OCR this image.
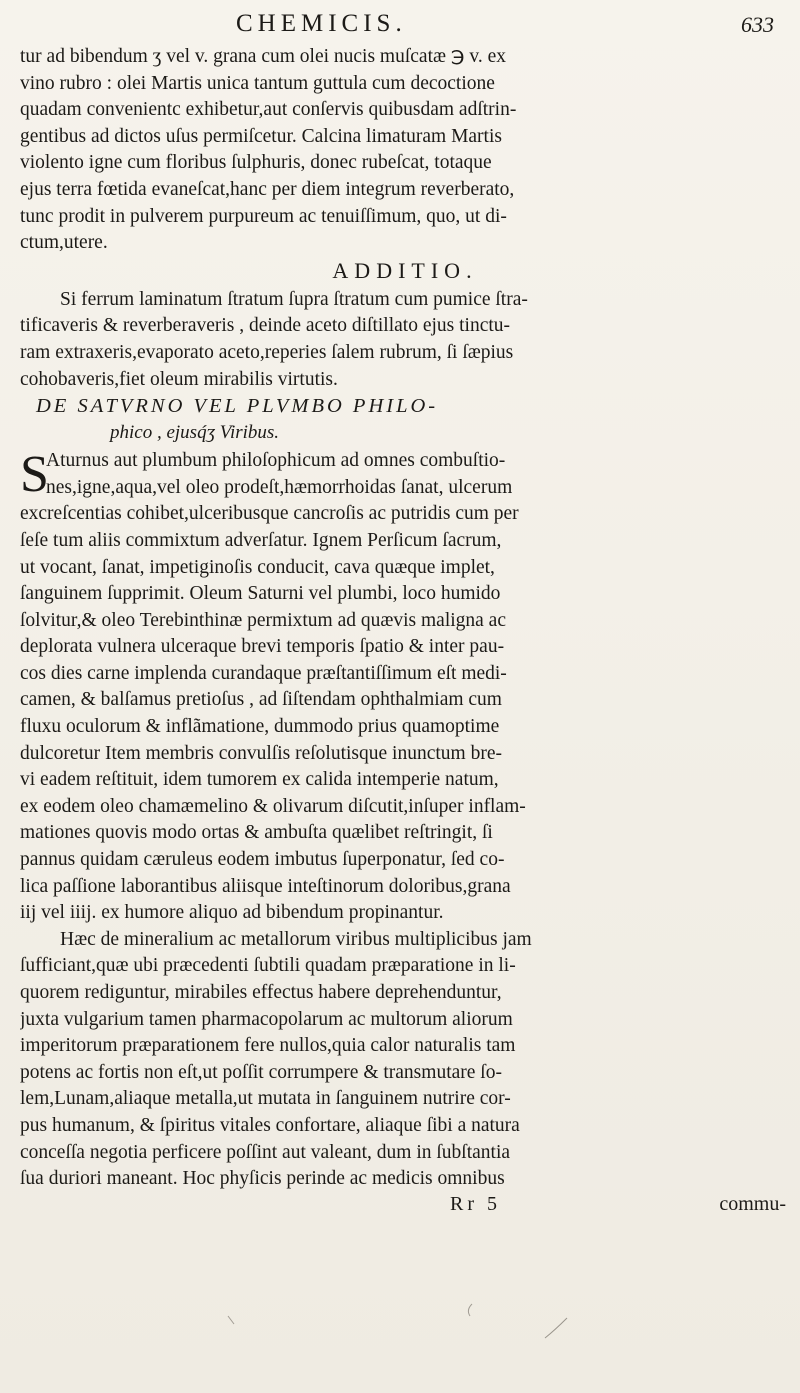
CHEMICIS.	633
tur ad bibendum ʒ vel v. grana cum olei nucis muſcatæ ℈ v. ex
vino rubro : olei Martis unica tantum guttula cum decoctione
quadam convenientc exhibetur,aut conſervis quibusdam adſtrin-
gentibus ad dictos uſus permiſcetur. Calcina limaturam Martis
violento igne cum floribus ſulphuris, donec rubeſcat, totaque
ejus terra fœtida evaneſcat,hanc per diem integrum reverberato,
tunc prodit in pulverem purpureum ac tenuiſſimum, quo, ut di-
ctum,utere.
ADDITIO.
Si ferrum laminatum ſtratum ſupra ſtratum cum pumice ſtra-
tificaveris & reverberaveris , deinde aceto diſtillato ejus tinctu-
ram extraxeris,evaporato aceto,reperies ſalem rubrum, ſi ſæpius
cohobaveris,fiet oleum mirabilis virtutis.
DE SATVRNO VEL PLVMBO PHILO-
phico , ejusq́ʒ Viribus.
S
Aturnus aut plumbum philoſophicum ad omnes combuſtio-
nes,igne,aqua,vel oleo prodeſt,hæmorrhoidas ſanat, ulcerum
excreſcentias cohibet,ulceribusque cancroſis ac putridis cum per
ſeſe tum aliis commixtum adverſatur. Ignem Perſicum ſacrum,
ut vocant, ſanat, impetiginoſis conducit, cava quæque implet,
ſanguinem ſupprimit. Oleum Saturni vel plumbi, loco humido
ſolvitur,& oleo Terebinthinæ permixtum ad quævis maligna ac
deplorata vulnera ulceraque brevi temporis ſpatio & inter pau-
cos dies carne implenda curandaque præſtantiſſimum eſt medi-
camen, & balſamus pretioſus , ad ſiſtendam ophthalmiam cum
fluxu oculorum & inflãmatione, dummodo prius quamoptime
dulcoretur Item membris convulſis reſolutisque inunctum bre-
vi eadem reſtituit, idem tumorem ex calida intemperie natum,
ex eodem oleo chamæmelino & olivarum diſcutit,inſuper inflam-
mationes quovis modo ortas & ambuſta quælibet reſtringit, ſi
pannus quidam cæruleus eodem imbutus ſuperponatur, ſed co-
lica paſſione laborantibus aliisque inteſtinorum doloribus,grana
iij vel iiij. ex humore aliquo ad bibendum propinantur.
Hæc de mineralium ac metallorum viribus multiplicibus jam
ſufficiant,quæ ubi præcedenti ſubtili quadam præparatione in li-
quorem rediguntur, mirabiles effectus habere deprehenduntur,
juxta vulgarium tamen pharmacopolarum ac multorum aliorum
imperitorum præparationem fere nullos,quia calor naturalis tam
potens ac fortis non eſt,ut poſſit corrumpere & transmutare ſo-
lem,Lunam,aliaque metalla,ut mutata in ſanguinem nutrire cor-
pus humanum, & ſpiritus vitales confortare, aliaque ſibi a natura
conceſſa negotia perficere poſſint aut valeant, dum in ſubſtantia
ſua duriori maneant. Hoc phyſicis perinde ac medicis omnibus
Rr 5	commu-
